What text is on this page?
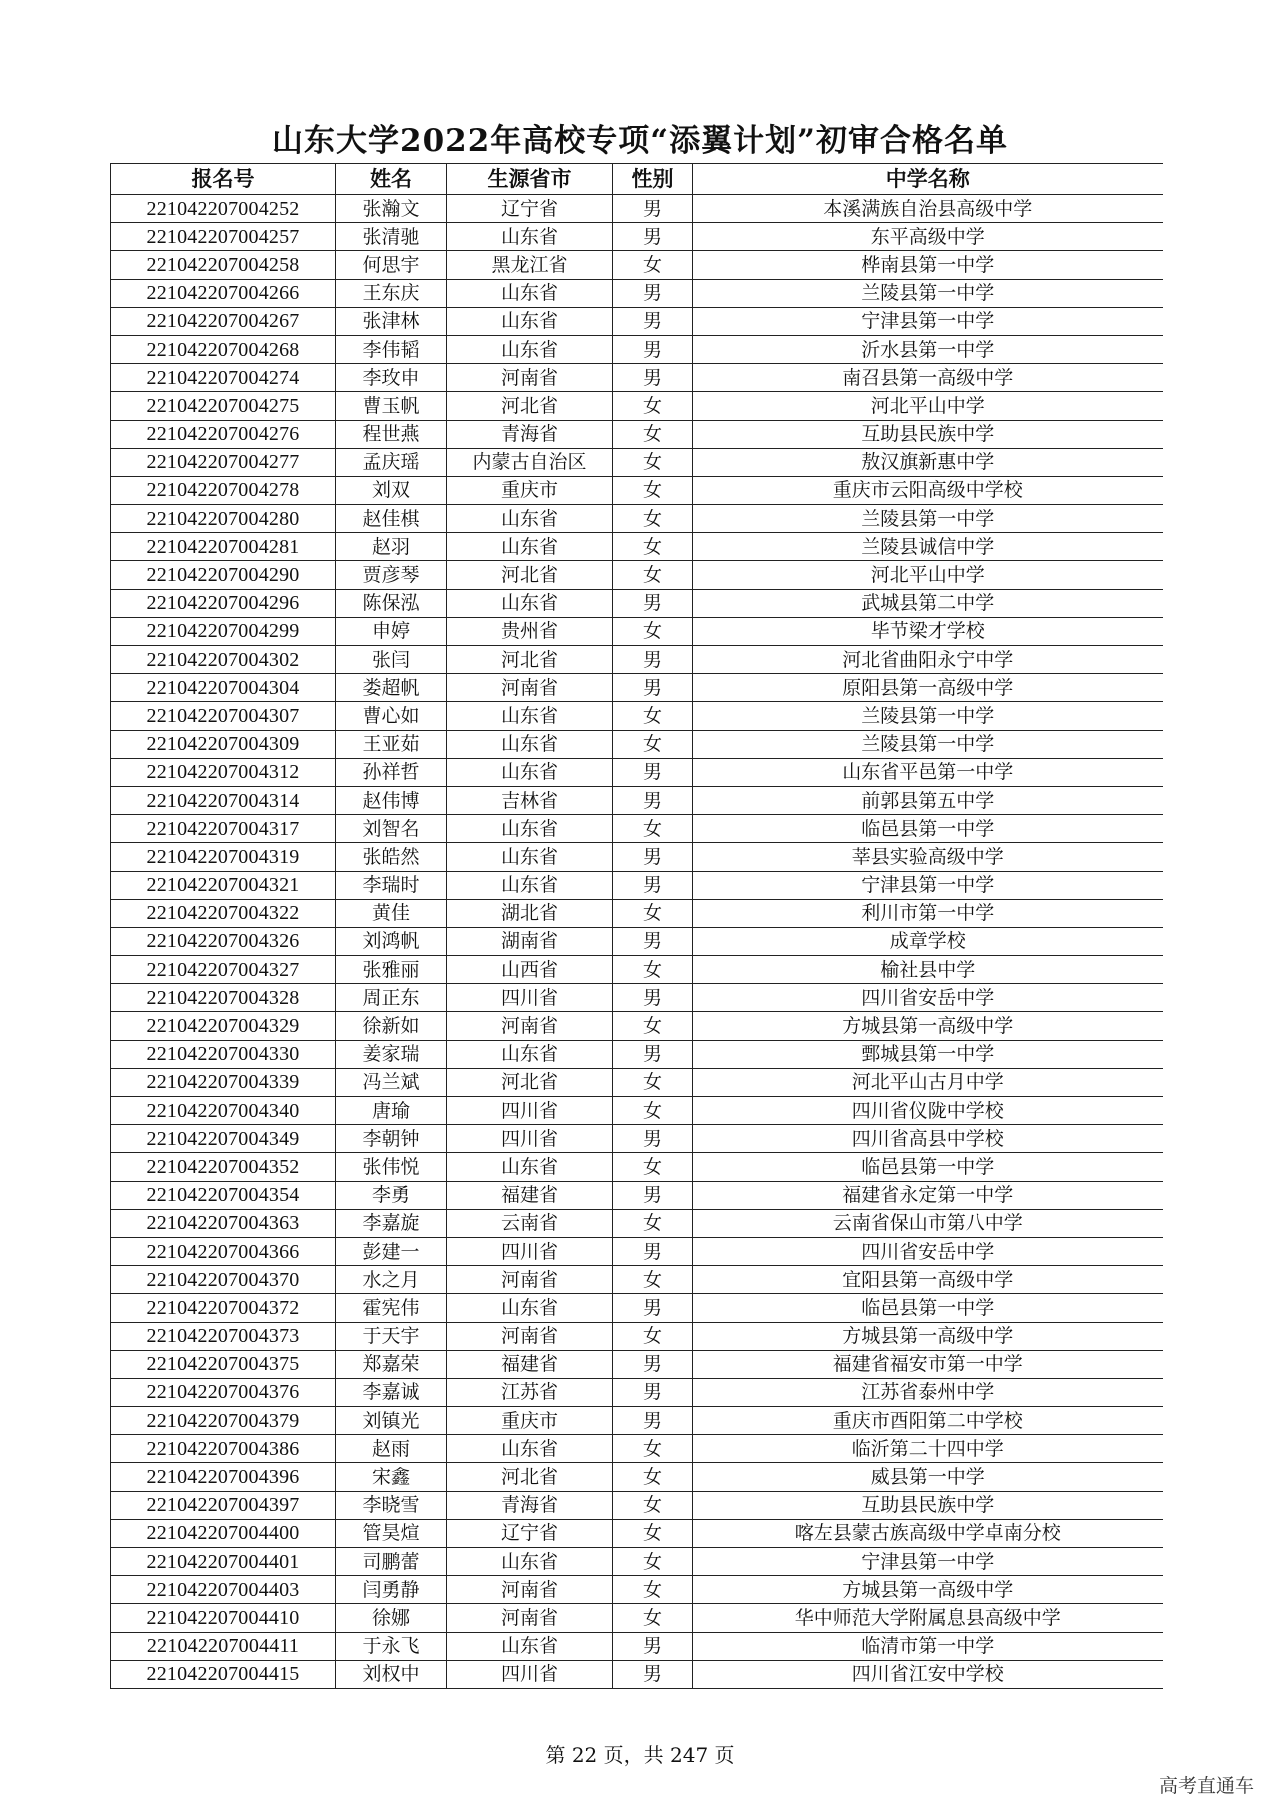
山东大学2022年高校专项“添翼计划”初审合格名单
报名号	姓名	生源省市	性别	中学名称
221042207004252	张瀚文	辽宁省	男	本溪满族自治县高级中学
221042207004257	张清驰	山东省	男	东平高级中学
221042207004258	何思宇	黑龙江省	女	桦南县第一中学
221042207004266	王东庆	山东省	男	兰陵县第一中学
221042207004267	张津林	山东省	男	宁津县第一中学
221042207004268	李伟韬	山东省	男	沂水县第一中学
221042207004274	李玫申	河南省	男	南召县第一高级中学
221042207004275	曹玉帆	河北省	女	河北平山中学
221042207004276	程世燕	青海省	女	互助县民族中学
221042207004277	孟庆瑶	内蒙古自治区	女	敖汉旗新惠中学
221042207004278	刘双	重庆市	女	重庆市云阳高级中学校
221042207004280	赵佳棋	山东省	女	兰陵县第一中学
221042207004281	赵羽	山东省	女	兰陵县诚信中学
221042207004290	贾彦琴	河北省	女	河北平山中学
221042207004296	陈保泓	山东省	男	武城县第二中学
221042207004299	申婷	贵州省	女	毕节梁才学校
221042207004302	张闫	河北省	男	河北省曲阳永宁中学
221042207004304	娄超帆	河南省	男	原阳县第一高级中学
221042207004307	曹心如	山东省	女	兰陵县第一中学
221042207004309	王亚茹	山东省	女	兰陵县第一中学
221042207004312	孙祥哲	山东省	男	山东省平邑第一中学
221042207004314	赵伟博	吉林省	男	前郭县第五中学
221042207004317	刘智名	山东省	女	临邑县第一中学
221042207004319	张皓然	山东省	男	莘县实验高级中学
221042207004321	李瑞时	山东省	男	宁津县第一中学
221042207004322	黄佳	湖北省	女	利川市第一中学
221042207004326	刘鸿帆	湖南省	男	成章学校
221042207004327	张雅丽	山西省	女	榆社县中学
221042207004328	周正东	四川省	男	四川省安岳中学
221042207004329	徐新如	河南省	女	方城县第一高级中学
221042207004330	姜家瑞	山东省	男	鄄城县第一中学
221042207004339	冯兰斌	河北省	女	河北平山古月中学
221042207004340	唐瑜	四川省	女	四川省仪陇中学校
221042207004349	李朝钟	四川省	男	四川省高县中学校
221042207004352	张伟悦	山东省	女	临邑县第一中学
221042207004354	李勇	福建省	男	福建省永定第一中学
221042207004363	李嘉旋	云南省	女	云南省保山市第八中学
221042207004366	彭建一	四川省	男	四川省安岳中学
221042207004370	水之月	河南省	女	宜阳县第一高级中学
221042207004372	霍宪伟	山东省	男	临邑县第一中学
221042207004373	于天宇	河南省	女	方城县第一高级中学
221042207004375	郑嘉荣	福建省	男	福建省福安市第一中学
221042207004376	李嘉诚	江苏省	男	江苏省泰州中学
221042207004379	刘镇光	重庆市	男	重庆市酉阳第二中学校
221042207004386	赵雨	山东省	女	临沂第二十四中学
221042207004396	宋鑫	河北省	女	威县第一中学
221042207004397	李晓雪	青海省	女	互助县民族中学
221042207004400	管昊煊	辽宁省	女	喀左县蒙古族高级中学卓南分校
221042207004401	司鹏蕾	山东省	女	宁津县第一中学
221042207004403	闫勇静	河南省	女	方城县第一高级中学
221042207004410	徐娜	河南省	女	华中师范大学附属息县高级中学
221042207004411	于永飞	山东省	男	临清市第一中学
221042207004415	刘权中	四川省	男	四川省江安中学校
第 22 页，共 247 页
高考直通车
